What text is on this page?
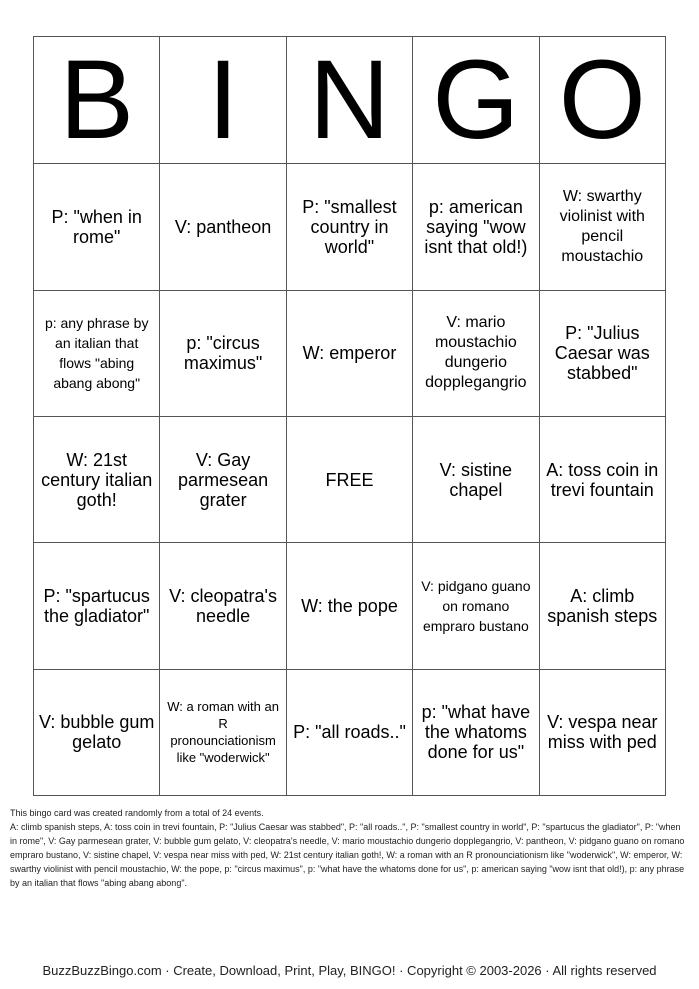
B	I	N	G	O
P: "when in rome"	V: pantheon	P: "smallest country in world"	p: american saying "wow isnt that old!)	W: swarthy violinist with pencil moustachio
p: any phrase by an italian that flows "abing abang abong"	p: "circus maximus"	W: emperor	V: mario moustachio dungerio dopplegangrio	P: "Julius Caesar was stabbed"
W: 21st century italian goth!	V: Gay parmesean grater	FREE	V: sistine chapel	A: toss coin in trevi fountain
P: "spartucus the gladiator"	V: cleopatra's needle	W: the pope	V: pidgano guano on romano empraro bustano	A: climb spanish steps
V: bubble gum gelato	W: a roman with an R pronounciationism like "woderwick"	P: "all roads.."	p: "what have the whatoms done for us"	V: vespa near miss with ped

This bingo card was created randomly from a total of 24 events.

A: climb spanish steps, A: toss coin in trevi fountain, P: "Julius Caesar was stabbed", P: "all roads..", P: "smallest country in world", P: "spartucus the gladiator", P: "when in rome", V: Gay parmesean grater, V: bubble gum gelato, V: cleopatra's needle, V: mario moustachio dungerio dopplegangrio, V: pantheon, V: pidgano guano on romano empraro bustano, V: sistine chapel, V: vespa near miss with ped, W: 21st century italian goth!, W: a roman with an R pronounciationism like "woderwick", W: emperor, W: swarthy violinist with pencil moustachio, W: the pope, p: "circus maximus", p: "what have the whatoms done for us", p: american saying "wow isnt that old!), p: any phrase by an italian that flows "abing abang abong".

BuzzBuzzBingo.com · Create, Download, Print, Play, BINGO! · Copyright © 2003-2026 · All rights reserved
